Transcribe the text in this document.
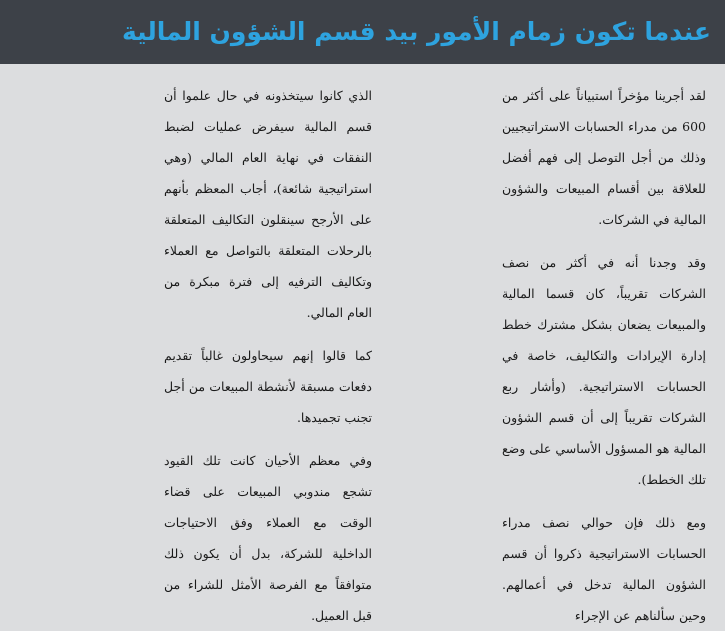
عندما تكون زمام الأمور بيد قسم الشؤون المالية

لقد أجرينا مؤخراً استبياناً على أكثر من 600 من مدراء الحسابات الاستراتيجيين وذلك من أجل التوصل إلى فهم أفضل للعلاقة بين أقسام المبيعات والشؤون المالية في الشركات.

وقد وجدنا أنه في أكثر من نصف الشركات تقريباً، كان قسما المالية والمبيعات يضعان بشكل مشترك خطط إدارة الإيرادات والتكاليف، خاصة في الحسابات الاستراتيجية. (وأشار ربع الشركات تقريباً إلى أن قسم الشؤون المالية هو المسؤول الأساسي على وضع تلك الخطط).

ومع ذلك فإن حوالي نصف مدراء الحسابات الاستراتيجية ذكروا أن قسم الشؤون المالية تدخل في أعمالهم. وحين سألناهم عن الإجراء

الذي كانوا سيتخذونه في حال علموا أن قسم المالية سيفرض عمليات لضبط النفقات في نهاية العام المالي (وهي استراتيجية شائعة)، أجاب المعظم بأنهم على الأرجح سينقلون التكاليف المتعلقة بالرحلات المتعلقة بالتواصل مع العملاء وتكاليف الترفيه إلى فترة مبكرة من العام المالي.

كما قالوا إنهم سيحاولون غالباً تقديم دفعات مسبقة لأنشطة المبيعات من أجل تجنب تجميدها.

وفي معظم الأحيان كانت تلك القيود تشجع مندوبي المبيعات على قضاء الوقت مع العملاء وفق الاحتياجات الداخلية للشركة، بدل أن يكون ذلك متوافقاً مع الفرصة الأمثل للشراء من قبل العميل.
